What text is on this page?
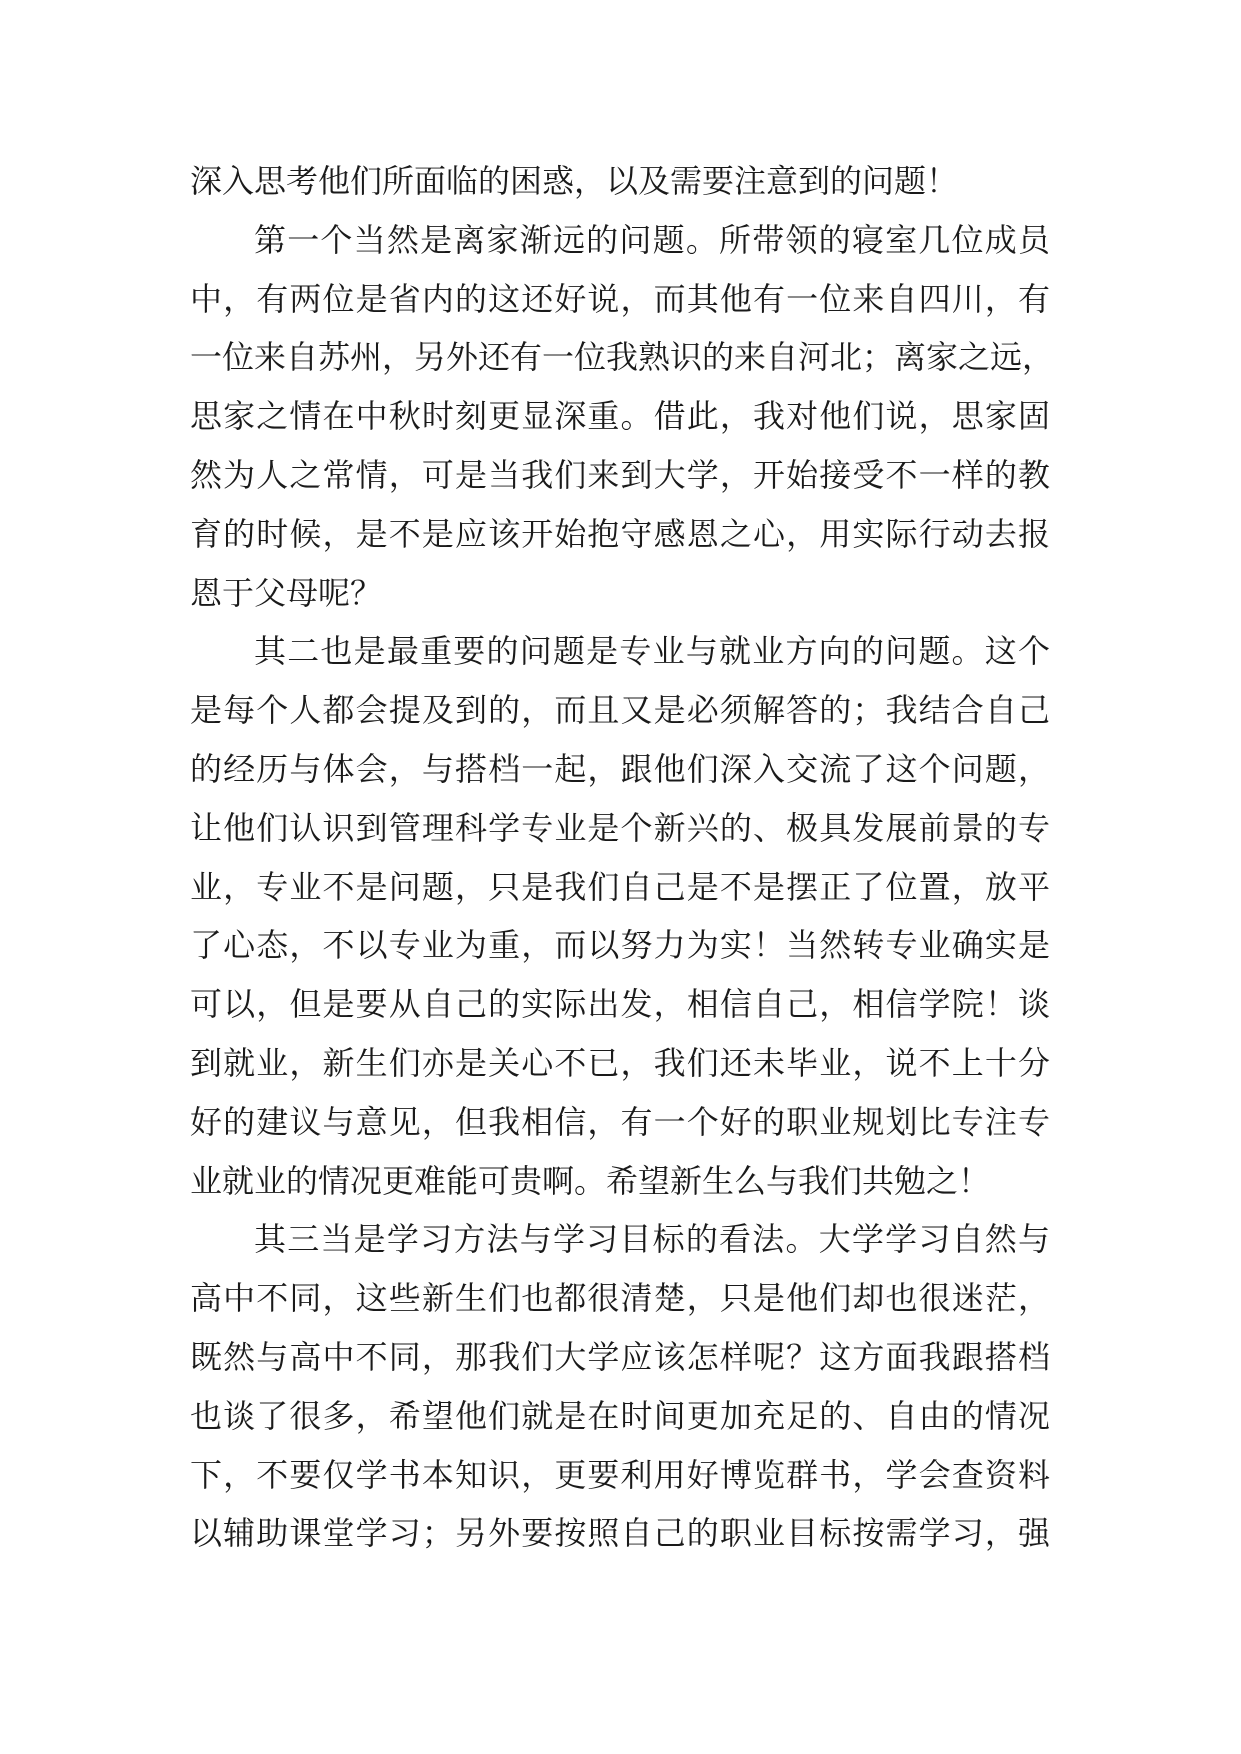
深入思考他们所面临的困惑，以及需要注意到的问题！
第一个当然是离家渐远的问题。所带领的寝室几位成员
中，有两位是省内的这还好说，而其他有一位来自四川，有
一位来自苏州，另外还有一位我熟识的来自河北；离家之远，
思家之情在中秋时刻更显深重。借此，我对他们说，思家固
然为人之常情，可是当我们来到大学，开始接受不一样的教
育的时候，是不是应该开始抱守感恩之心，用实际行动去报
恩于父母呢？
其二也是最重要的问题是专业与就业方向的问题。这个
是每个人都会提及到的，而且又是必须解答的；我结合自己
的经历与体会，与搭档一起，跟他们深入交流了这个问题，
让他们认识到管理科学专业是个新兴的、极具发展前景的专
业，专业不是问题，只是我们自己是不是摆正了位置，放平
了心态，不以专业为重，而以努力为实！当然转专业确实是
可以，但是要从自己的实际出发，相信自己，相信学院！谈
到就业，新生们亦是关心不已，我们还未毕业，说不上十分
好的建议与意见，但我相信，有一个好的职业规划比专注专
业就业的情况更难能可贵啊。希望新生么与我们共勉之！
其三当是学习方法与学习目标的看法。大学学习自然与
高中不同，这些新生们也都很清楚，只是他们却也很迷茫，
既然与高中不同，那我们大学应该怎样呢？这方面我跟搭档
也谈了很多，希望他们就是在时间更加充足的、自由的情况
下，不要仅学书本知识，更要利用好博览群书，学会查资料
以辅助课堂学习；另外要按照自己的职业目标按需学习，强
